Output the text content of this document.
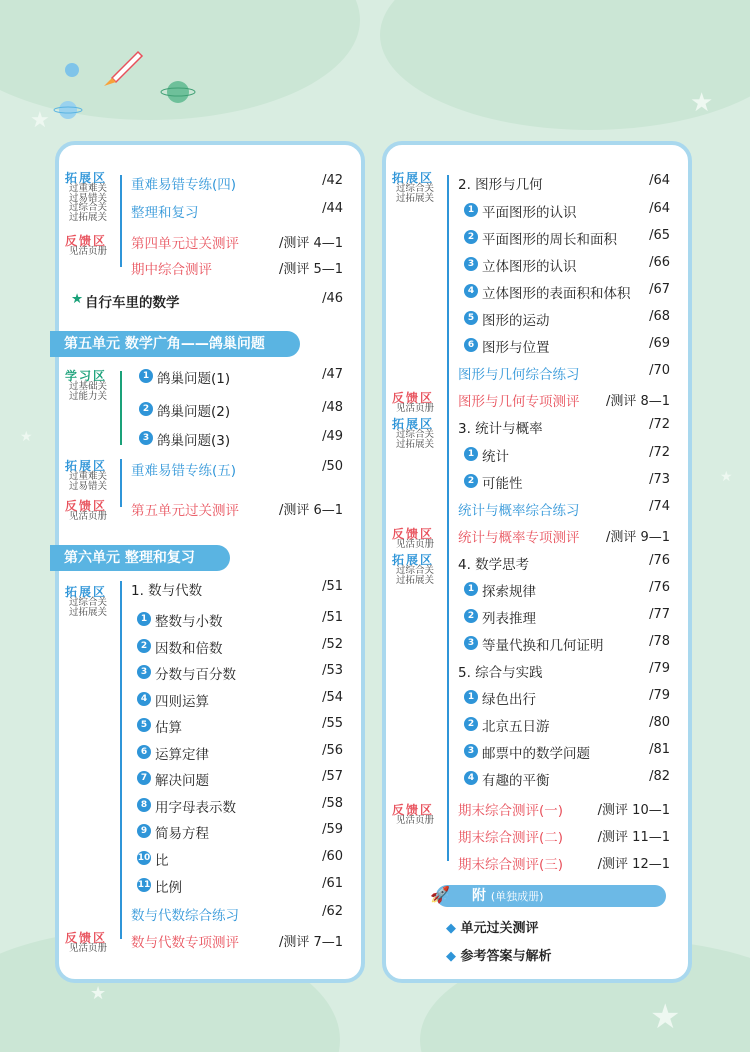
★
★
★
★
★
★
重难易错专练(四)	/42
整理和复习	/44
第四单元过关测评	/测评 4—1
期中综合测评	/测评 5—1
★ 自行车里的数学	/46
1 鸽巢问题(1)	/47
2 鸽巢问题(2)	/48
3 鸽巢问题(3)	/49
重难易错专练(五)	/50
第五单元过关测评	/测评 6—1
1. 数与代数	/51
1 整数与小数	/51
2 因数和倍数	/52
3 分数与百分数	/53
4 四则运算	/54
5 估算	/55
6 运算定律	/56
7 解决问题	/57
8 用字母表示数	/58
9 简易方程	/59
10 比	/60
11 比例	/61
数与代数综合练习	/62
数与代数专项测评	/测评 7—1
拓展区
过重难关
过易错关
过综合关
过拓展关
反馈区
见活页册
学习区
过基础关
过能力关
拓展区
过重难关
过易错关
反馈区
见活页册
拓展区
过综合关
过拓展关
反馈区
见活页册
第五单元 数学广角——鸽巢问题
第六单元 整理和复习
2. 图形与几何	/64
1 平面图形的认识	/64
2 平面图形的周长和面积 /65
3 立体图形的认识	/66
4 立体图形的表面积和体积 /67
5 图形的运动	/68
6 图形与位置	/69
图形与几何综合练习	/70
图形与几何专项测评 /测评 8—1
3. 统计与概率	/72
1 统计	/72
2 可能性	/73
统计与概率综合练习	/74
统计与概率专项测评 /测评 9—1
4. 数学思考	/76
1 探索规律	/76
2 列表推理	/77
3 等量代换和几何证明	/78
5. 综合与实践	/79
1 绿色出行	/79
2 北京五日游	/80
3 邮票中的数学问题	/81
4 有趣的平衡	/82
期末综合测评(一)	/测评 10—1
期末综合测评(二)	/测评 11—1
期末综合测评(三)	/测评 12—1
拓展区
过综合关
过拓展关
反馈区
见活页册
拓展区
过综合关
过拓展关
反馈区
见活页册
拓展区
过综合关
过拓展关
反馈区
见活页册
附 (单独成册)
🚀
◆ 单元过关测评
◆ 参考答案与解析
